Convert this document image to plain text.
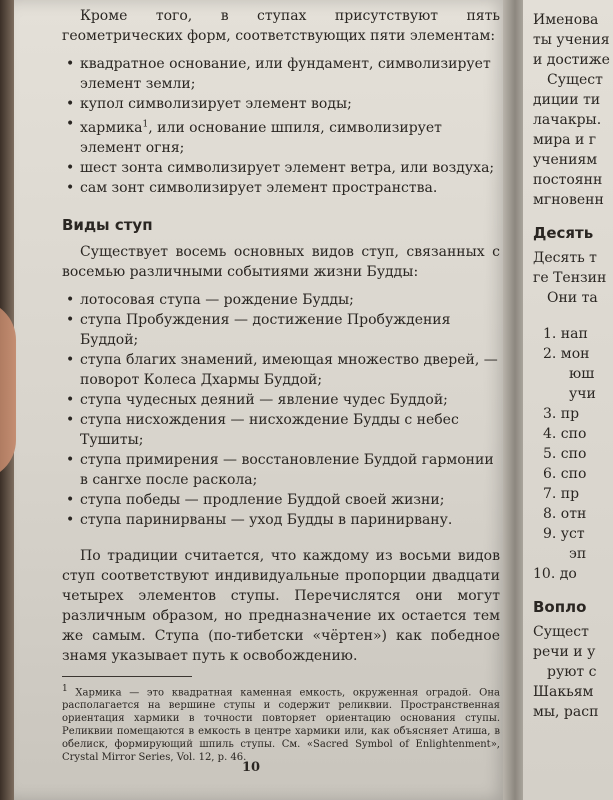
Кроме того, в ступах присутствуют пять геометрических форм, соответствующих пяти элементам:

• квадратное основание, или фундамент, символизирует элемент земли;
• купол символизирует элемент воды;
• хармика$^1$, или основание шпиля, символизирует элемент огня;
• шест зонта символизирует элемент ветра, или воздуха;
• сам зонт символизирует элемент пространства.
Виды ступ

Существует восемь основных видов ступ, связанных с восемью различными событиями жизни Будды:

• лотосовая ступа — рождение Будды;
• ступа Пробуждения — достижение Пробуждения Буддой;
• ступа благих знамений, имеющая множество дверей, — поворот Колеса Дхармы Буддой;
• ступа чудесных деяний — явление чудес Буддой;
• ступа нисхождения — нисхождение Будды с небес Тушиты;
• ступа примирения — восстановление Буддой гармонии в сангхе после раскола;
• ступа победы — продление Буддой своей жизни;
• ступа паринирваны — уход Будды в паринирвану.

По традиции считается, что каждому из восьми видов ступ соответствуют индивидуальные пропорции двадцати четырех элементов ступы. Перечислятся они могут различным образом, но предназначение их остается тем же самым. Ступа (по-тибетски «чёртен») как победное знамя указывает путь к освобождению.

1 Хармика — это квадратная каменная емкость, окруженная оградой. Она располагается на вершине ступы и содержит реликвии. Пространственная ориентация хармики в точности повторяет ориентацию основания ступы. Реликвии помещаются в емкость в центре хармики или, как объясняет Атиша, в обелиск, формирующий шпиль ступы. См. «Sacred Symbol of Enlightenment», Crystal Mirror Series, Vol. 12, p. 46.

10

Именова

ты учения

и достиже

Сущест

диции ти

лачакры.

мира и г

учениям

постоянн

мгновенн

Десять

Десять т

ге Тензин

Они та

1. нап

2. мон

юш

учи

3. пр

4. спо

5. спо

6. спо

7. пр

8. отн

9. уст

эп

10. до

Вопло

Сущест

речи и у

руют с

Шакьям

мы, расп
